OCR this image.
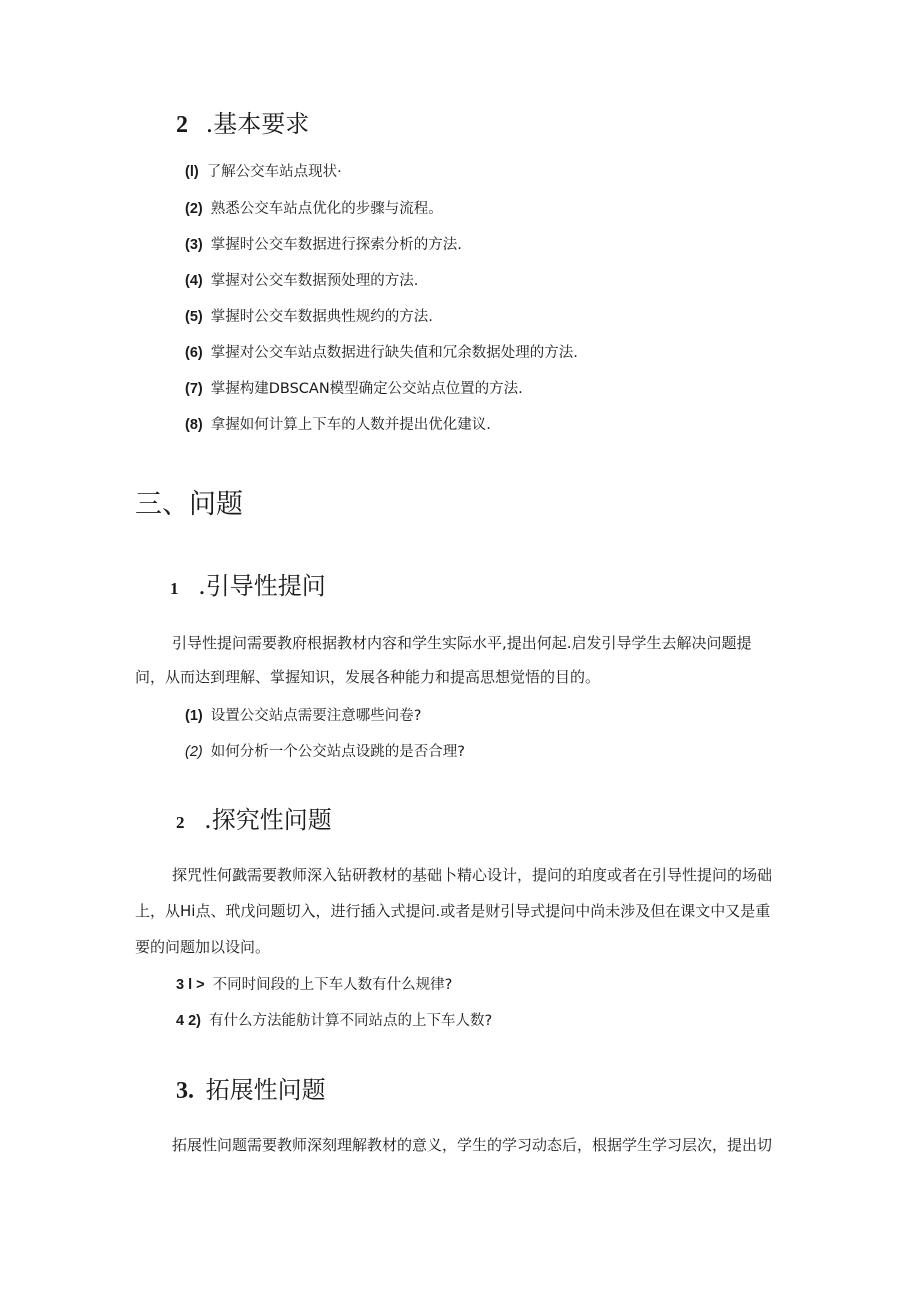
2 .基本要求
(l) 了解公交车站点现状·
(2) 熟悉公交车站点优化的步骤与流程。
(3) 掌握时公交车数据进行探索分析的方法.
(4) 掌握对公交车数据预处理的方法.
(5) 掌握时公交车数据典性规约的方法.
(6) 掌握对公交车站点数据进行缺失值和冗余数据处理的方法.
(7) 掌握构建DBSCAN模型确定公交站点位置的方法.
(8) 拿握如何计算上下车的人数并提出优化建议.
三、问题
1 .引导性提问
引导性提问需要教府根据教材内容和学生实际水平,提出何起.启发引导学生去解决问题提
问，从而达到理解、掌握知识，发展各种能力和提高思想觉悟的目的。
(1) 设置公交站点需要注意哪些问卷?
(2) 如何分析一个公交站点设跳的是否合理?
2 .探究性问题
探咒性何戤需要教师深入钻研教材的基础卜精心设计，提问的珀度或者在引导性提问的场础
上，从Hi点、玳戊问题切入，进行插入式提问.或者是财引导式提问中尚未涉及但在课文中又是重
要的问题加以设问。
3 l > 不同时间段的上下车人数有什么规律?
4 2) 有什么方法能舫计算不同站点的上下车人数?
3. 拓展性问题
拓展性问题需要教师深刻理解教材的意义，学生的学习动态后，根据学生学习层次，提出切
